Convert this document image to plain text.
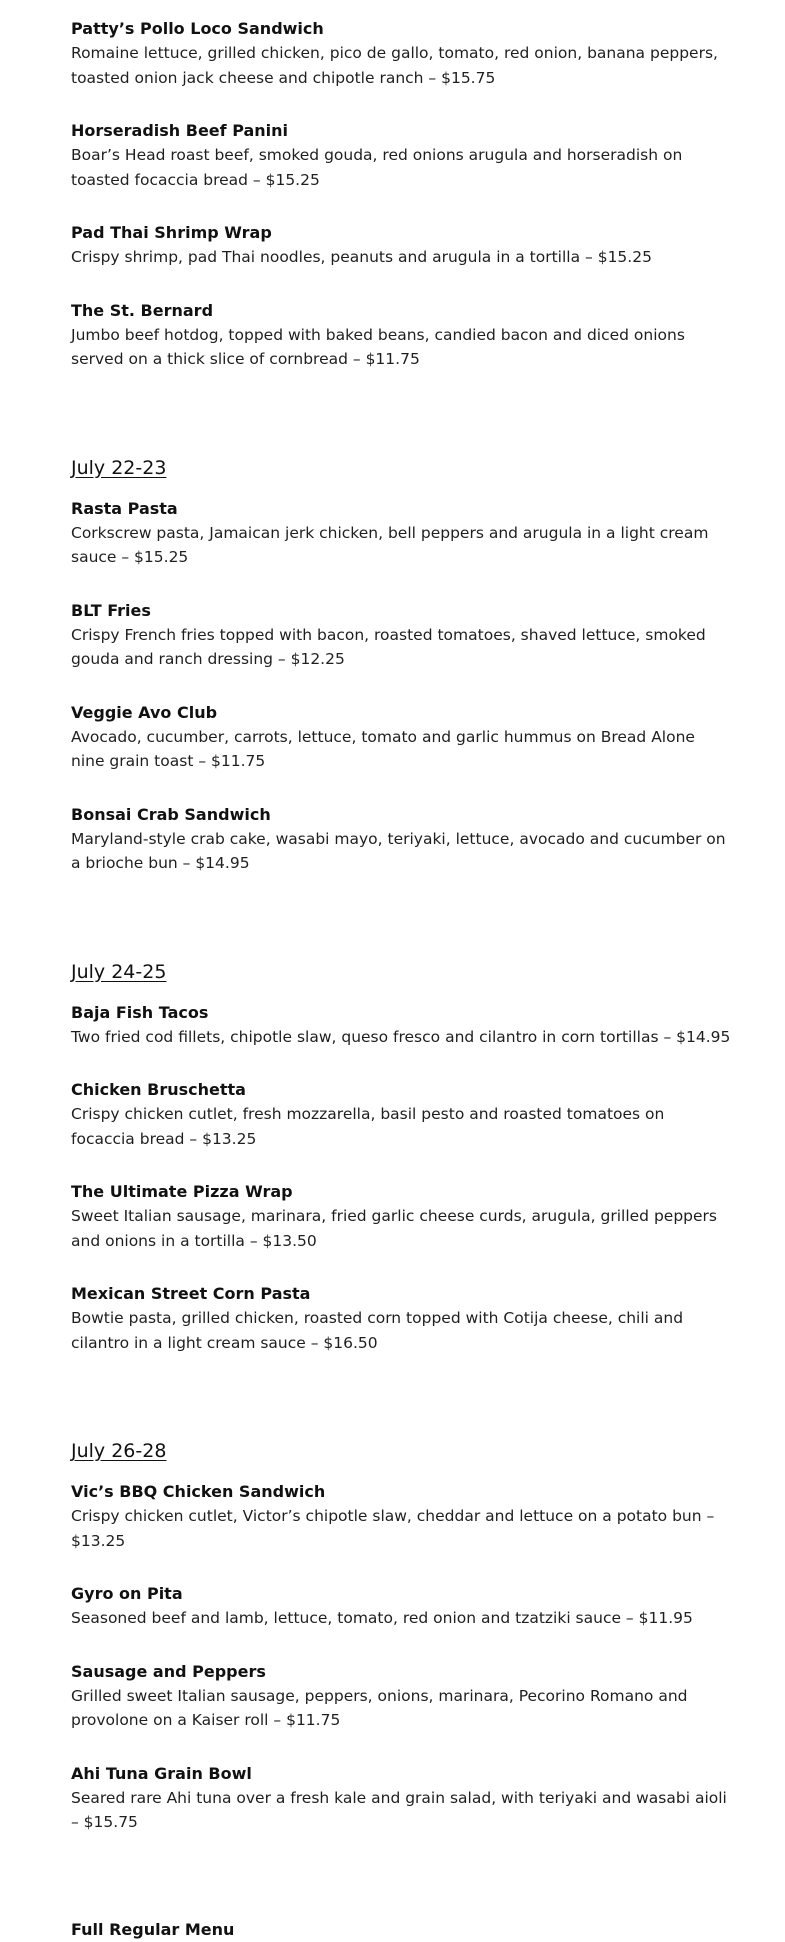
Patty’s Pollo Loco Sandwich
Romaine lettuce, grilled chicken, pico de gallo, tomato, red onion, banana peppers, toasted onion jack cheese and chipotle ranch – $15.75
Horseradish Beef Panini
Boar’s Head roast beef, smoked gouda, red onions arugula and horseradish on toasted focaccia bread – $15.25
Pad Thai Shrimp Wrap
Crispy shrimp, pad Thai noodles, peanuts and arugula in a tortilla – $15.25
The St. Bernard
Jumbo beef hotdog, topped with baked beans, candied bacon and diced onions served on a thick slice of cornbread – $11.75
July 22-23
Rasta Pasta
Corkscrew pasta, Jamaican jerk chicken, bell peppers and arugula in a light cream sauce – $15.25
BLT Fries
Crispy French fries topped with bacon, roasted tomatoes, shaved lettuce, smoked gouda and ranch dressing – $12.25
Veggie Avo Club
Avocado, cucumber, carrots, lettuce, tomato and garlic hummus on Bread Alone nine grain toast – $11.75
Bonsai Crab Sandwich
Maryland-style crab cake, wasabi mayo, teriyaki, lettuce, avocado and cucumber on a brioche bun – $14.95
July 24-25
Baja Fish Tacos
Two fried cod fillets, chipotle slaw, queso fresco and cilantro in corn tortillas – $14.95
Chicken Bruschetta
Crispy chicken cutlet, fresh mozzarella, basil pesto and roasted tomatoes on focaccia bread – $13.25
The Ultimate Pizza Wrap
Sweet Italian sausage, marinara, fried garlic cheese curds, arugula, grilled peppers and onions in a tortilla – $13.50
Mexican Street Corn Pasta
Bowtie pasta, grilled chicken, roasted corn topped with Cotija cheese, chili and cilantro in a light cream sauce – $16.50
July 26-28
Vic’s BBQ Chicken Sandwich
Crispy chicken cutlet, Victor’s chipotle slaw, cheddar and lettuce on a potato bun – $13.25
Gyro on Pita
Seasoned beef and lamb, lettuce, tomato, red onion and tzatziki sauce – $11.95
Sausage and Peppers
Grilled sweet Italian sausage, peppers, onions, marinara, Pecorino Romano and provolone on a Kaiser roll – $11.75
Ahi Tuna Grain Bowl
Seared rare Ahi tuna over a fresh kale and grain salad, with teriyaki and wasabi aioli – $15.75
Full Regular Menu
